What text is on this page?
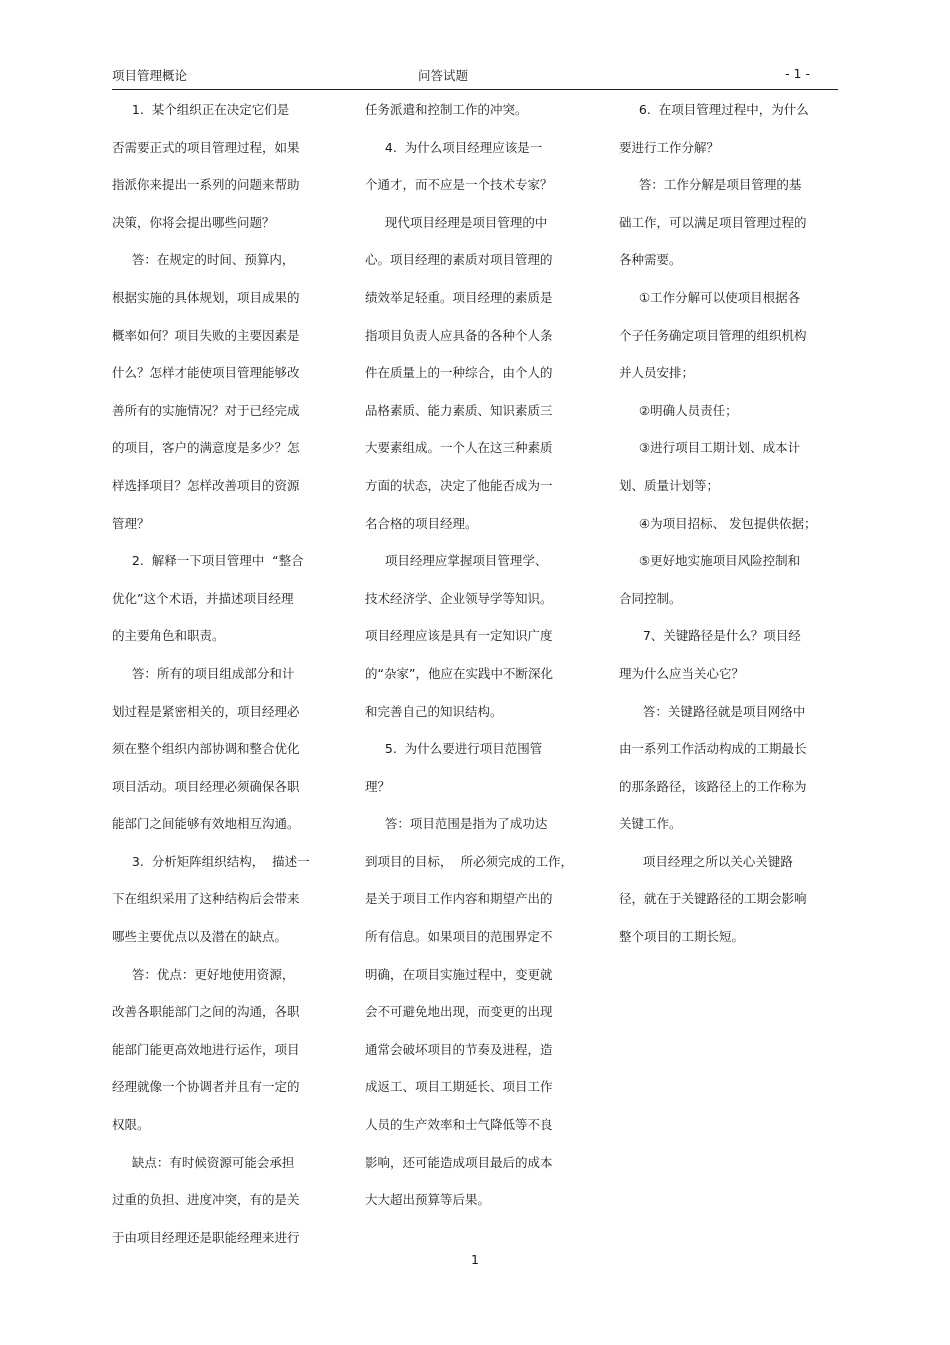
项目管理概论	问答试题	- 1 -
1.  某个组织正在决定它们是
否需要正式的项目管理过程，如果
指派你来提出一系列的问题来帮助
决策，你将会提出哪些问题？
答：在规定的时间、预算内，
根据实施的具体规划，项目成果的
概率如何？项目失败的主要因素是
什么？怎样才能使项目管理能够改
善所有的实施情况？对于已经完成
的项目，客户的满意度是多少？怎
样选择项目？怎样改善项目的资源
管理？
2.  解释一下项目管理中  “整合
优化”这个术语，并描述项目经理
的主要角色和职责。
答：所有的项目组成部分和计
划过程是紧密相关的，项目经理必
须在整个组织内部协调和整合优化
项目活动。项目经理必须确保各职
能部门之间能够有效地相互沟通。
3.  分析矩阵组织结构，  描述一
下在组织采用了这种结构后会带来
哪些主要优点以及潜在的缺点。
答：优点：更好地使用资源，
改善各职能部门之间的沟通，各职
能部门能更高效地进行运作，项目
经理就像一个协调者并且有一定的
权限。
缺点：有时候资源可能会承担
过重的负担、进度冲突，有的是关
于由项目经理还是职能经理来进行
任务派遣和控制工作的冲突。
4.  为什么项目经理应该是一
个通才，而不应是一个技术专家？
现代项目经理是项目管理的中
心。项目经理的素质对项目管理的
绩效举足轻重。项目经理的素质是
指项目负责人应具备的各种个人条
件在质量上的一种综合，由个人的
品格素质、能力素质、知识素质三
大要素组成。一个人在这三种素质
方面的状态，决定了他能否成为一
名合格的项目经理。
项目经理应掌握项目管理学、
技术经济学、企业领导学等知识。
项目经理应该是具有一定知识广度
的“杂家”，他应在实践中不断深化
和完善自己的知识结构。
5.  为什么要进行项目范围管
理？
答：项目范围是指为了成功达
到项目的目标，  所必须完成的工作，
是关于项目工作内容和期望产出的
所有信息。如果项目的范围界定不
明确，在项目实施过程中，变更就
会不可避免地出现，而变更的出现
通常会破坏项目的节奏及进程，造
成返工、项目工期延长、项目工作
人员的生产效率和士气降低等不良
影响，还可能造成项目最后的成本
大大超出预算等后果。
6.  在项目管理过程中，为什么
要进行工作分解？
答：工作分解是项目管理的基
础工作，可以满足项目管理过程的
各种需要。
①工作分解可以使项目根据各
个子任务确定项目管理的组织机构
并人员安排；
②明确人员责任；
③进行项目工期计划、成本计
划、质量计划等；
④为项目招标、 发包提供依据；
⑤更好地实施项目风险控制和
合同控制。
7、关键路径是什么？项目经
理为什么应当关心它？
答：关键路径就是项目网络中
由一系列工作活动构成的工期最长
的那条路径，该路径上的工作称为
关键工作。
项目经理之所以关心关键路
径，就在于关键路径的工期会影响
整个项目的工期长短。
1
